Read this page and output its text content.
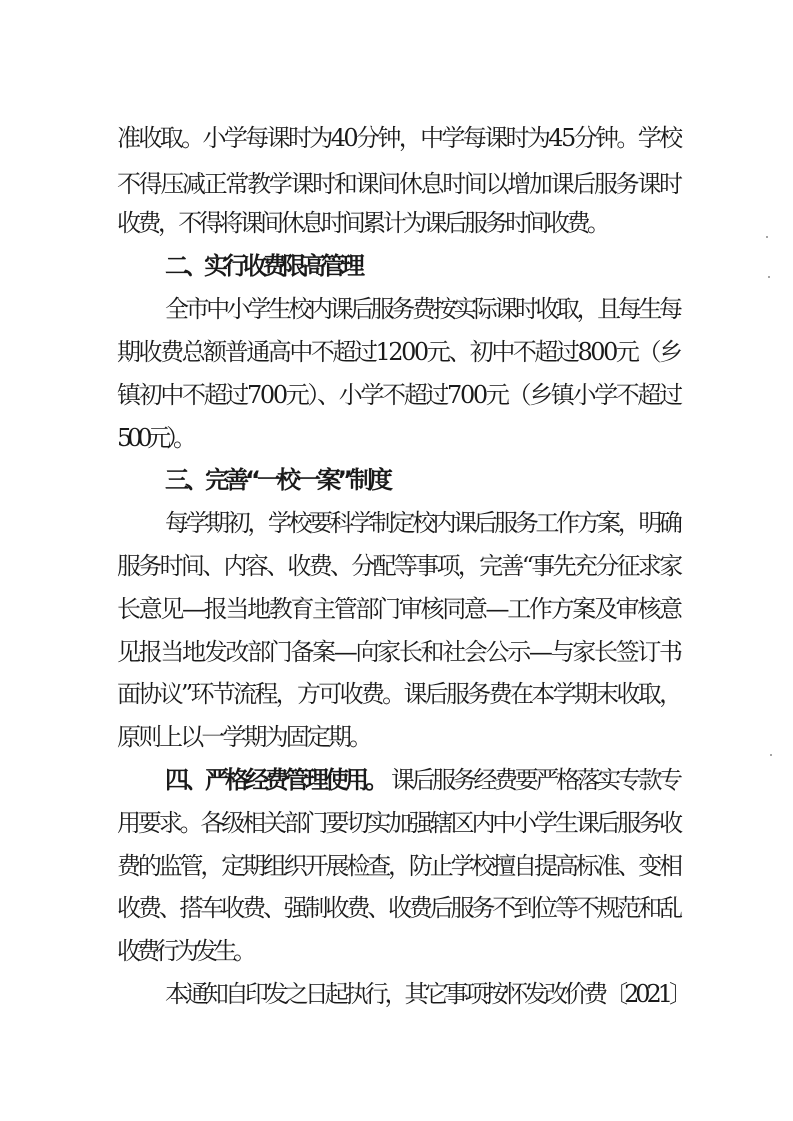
准收取。小学每课时为40分钟，中学每课时为45分钟。学校
不得压减正常教学课时和课间休息时间以增加课后服务课时
收费，不得将课间休息时间累计为课后服务时间收费。
二、实行收费限高管理
全市中小学生校内课后服务费按实际课时收取，且每生每
期收费总额普通高中不超过1200元、初中不超过800元（乡
镇初中不超过700元）、小学不超过700元（乡镇小学不超过
500元）。
三、完善“一校一案”制度
每学期初，学校要科学制定校内课后服务工作方案，明确
服务时间、内容、收费、分配等事项，完善“事先充分征求家
长意见—报当地教育主管部门审核同意—工作方案及审核意
见报当地发改部门备案—向家长和社会公示—与家长签订书
面协议”环节流程，方可收费。课后服务费在本学期末收取，
原则上以一学期为固定期。
四、严格经费管理使用。 课后服务经费要严格落实专款专
用要求。各级相关部门要切实加强辖区内中小学生课后服务收
费的监管，定期组织开展检查，防止学校擅自提高标准、变相
收费、搭车收费、强制收费、收费后服务不到位等不规范和乱
收费行为发生。
本通知自印发之日起执行，其它事项按怀发改价费〔2021〕
